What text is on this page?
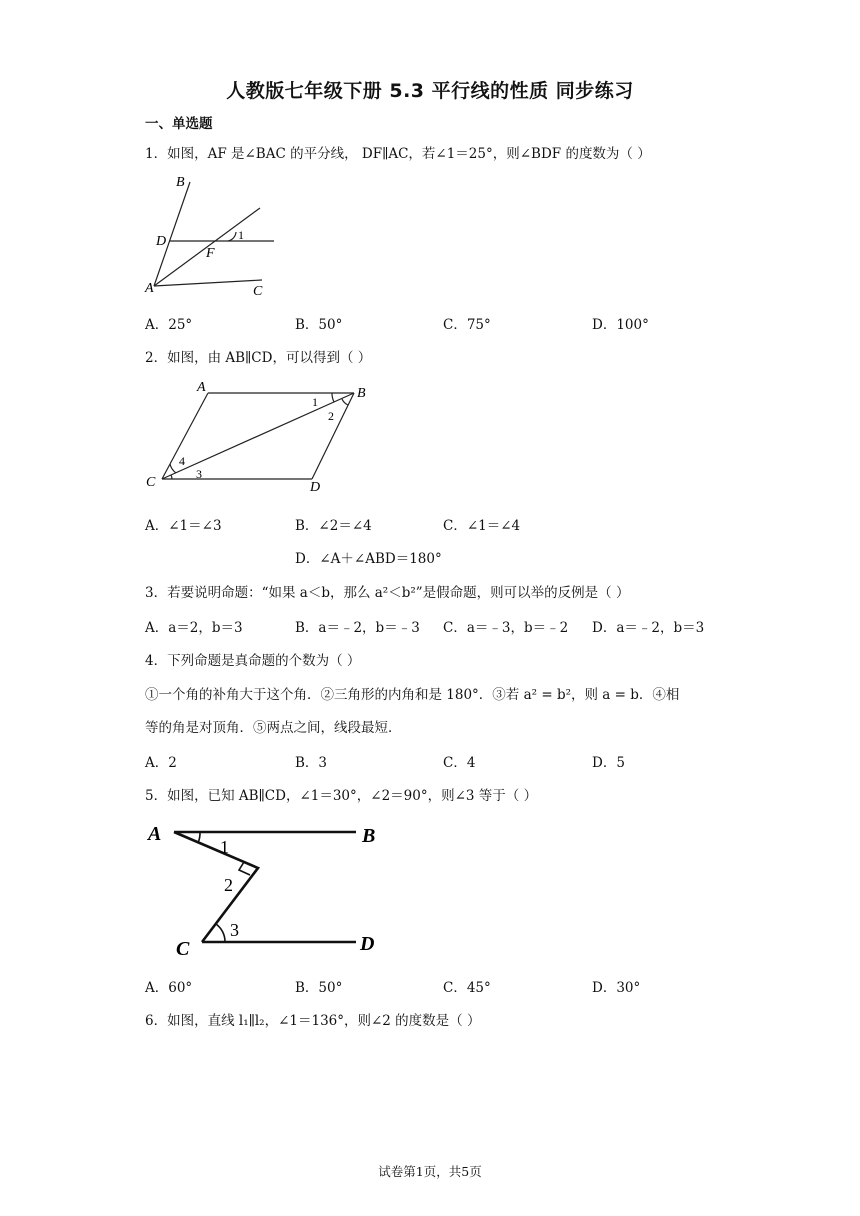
人教版七年级下册 5.3 平行线的性质 同步练习
一、单选题
1．如图，AF 是∠BAC 的平分线， DF∥AC，若∠1＝25°，则∠BDF 的度数为（ ）
B
D
F
A	C
1
A．25°	B．50°	C．75°	D．100°
2．如图，由 AB∥CD，可以得到（ ）
A	B
C	D
1
2
3
4
A．∠1＝∠3	B．∠2＝∠4	C．∠1＝∠4
D．∠A＋∠ABD＝180°
3．若要说明命题：“如果 a＜b，那么 a²＜b²”是假命题，则可以举的反例是（ ）
A．a＝2，b＝3	B．a＝﹣2，b＝﹣3 C．a＝﹣3，b＝﹣2 D．a＝﹣2，b＝3
4．下列命题是真命题的个数为（ ）
①一个角的补角大于这个角．②三角形的内角和是 180°．③若 a² = b²，则 a = b．④相
等的角是对顶角．⑤两点之间，线段最短．
A．2	B．3	C．4	D．5
5．如图，已知 AB∥CD，∠1＝30°，∠2＝90°，则∠3 等于（ ）
A	B
C	D
1
2
3
A．60°	B．50°	C．45°	D．30°
6．如图，直线 l₁∥l₂，∠1＝136°，则∠2 的度数是（ ）
试卷第1页，共5页
